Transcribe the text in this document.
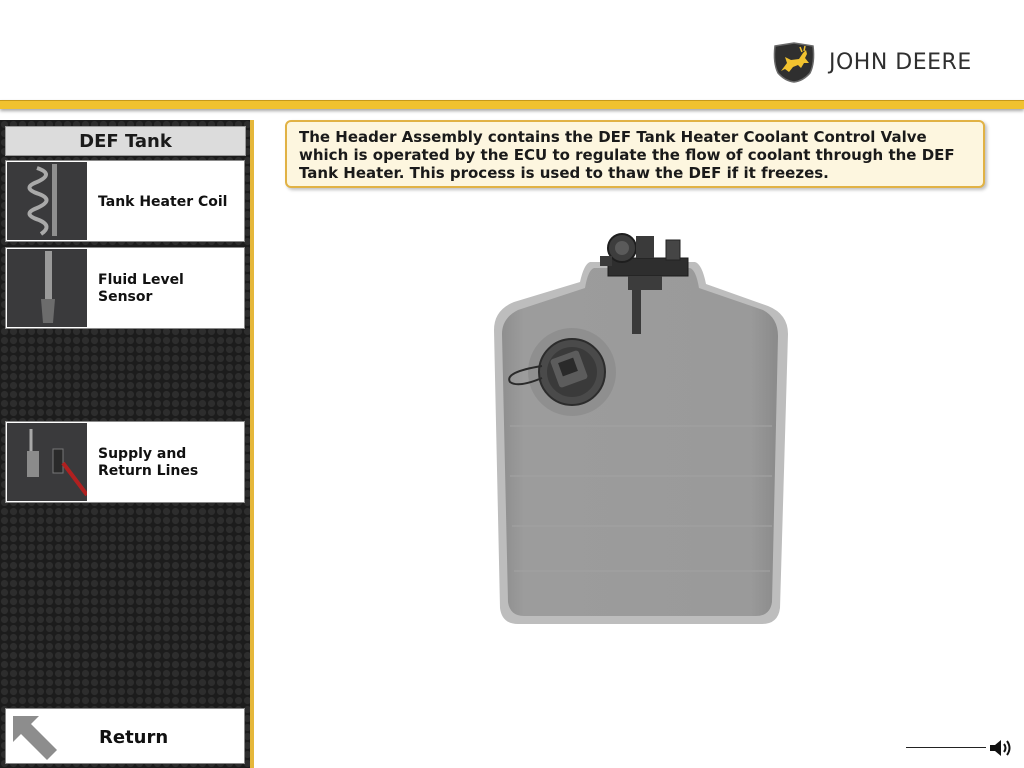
JOHN DEERE
DEF Tank
Tank Heater Coil
Fluid Level
Sensor
Supply and
Return Lines
Return
The Header Assembly contains the DEF Tank Heater Coolant Control Valve which is operated by the ECU to regulate the flow of coolant through the DEF Tank Heater. This process is used to thaw the DEF if it freezes.
